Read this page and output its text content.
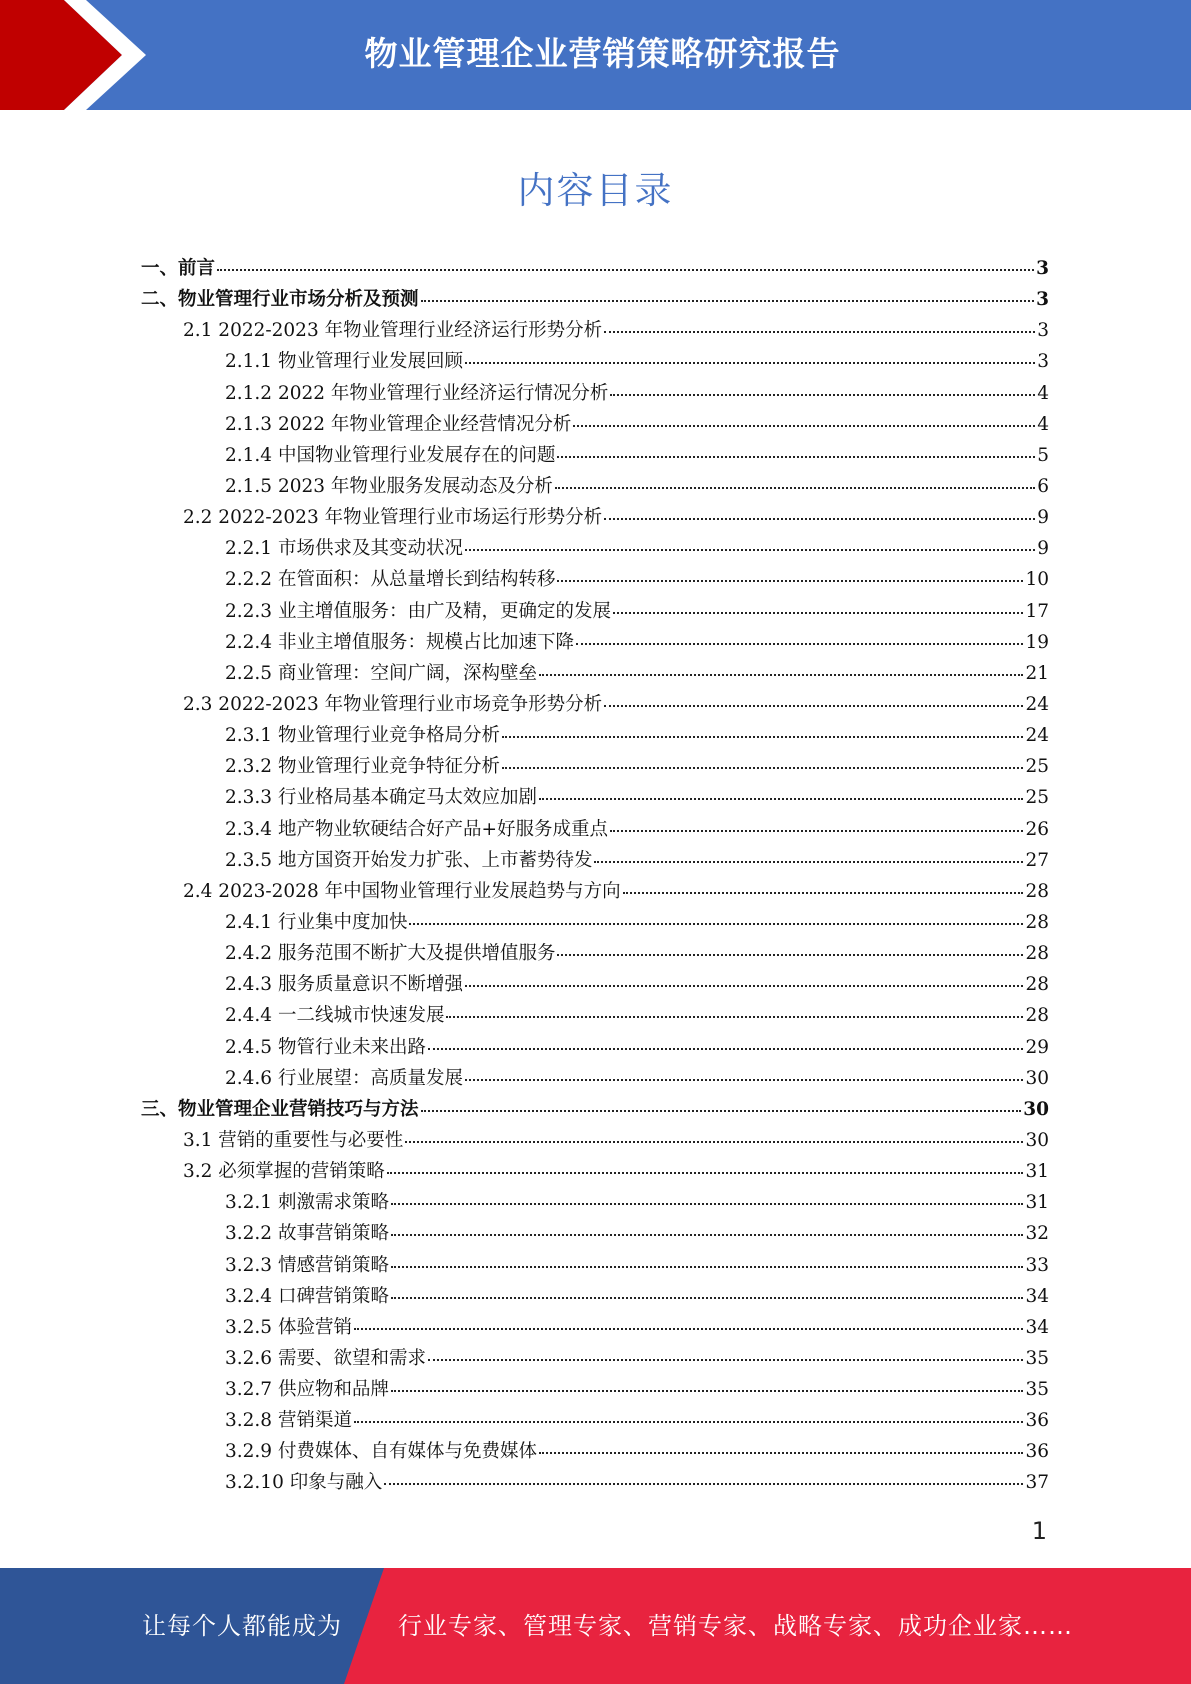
物业管理企业营销策略研究报告
内容目录
一、前言	3
二、物业管理行业市场分析及预测	3
2.1 2022-2023 年物业管理行业经济运行形势分析	3
2.1.1 物业管理行业发展回顾	3
2.1.2 2022 年物业管理行业经济运行情况分析	4
2.1.3 2022 年物业管理企业经营情况分析	4
2.1.4 中国物业管理行业发展存在的问题	5
2.1.5 2023 年物业服务发展动态及分析	6
2.2 2022-2023 年物业管理行业市场运行形势分析	9
2.2.1 市场供求及其变动状况	9
2.2.2 在管面积：从总量增长到结构转移	10
2.2.3 业主增值服务：由广及精，更确定的发展	17
2.2.4 非业主增值服务：规模占比加速下降	19
2.2.5 商业管理：空间广阔，深构壁垒	21
2.3 2022-2023 年物业管理行业市场竞争形势分析	24
2.3.1 物业管理行业竞争格局分析	24
2.3.2 物业管理行业竞争特征分析	25
2.3.3 行业格局基本确定马太效应加剧	25
2.3.4 地产物业软硬结合好产品+好服务成重点	26
2.3.5 地方国资开始发力扩张、上市蓄势待发	27
2.4 2023-2028 年中国物业管理行业发展趋势与方向	28
2.4.1 行业集中度加快	28
2.4.2 服务范围不断扩大及提供增值服务	28
2.4.3 服务质量意识不断增强	28
2.4.4 一二线城市快速发展	28
2.4.5 物管行业未来出路	29
2.4.6 行业展望：高质量发展	30
三、物业管理企业营销技巧与方法	30
3.1 营销的重要性与必要性	30
3.2 必须掌握的营销策略	31
3.2.1 刺激需求策略	31
3.2.2 故事营销策略	32
3.2.3 情感营销策略	33
3.2.4 口碑营销策略	34
3.2.5 体验营销	34
3.2.6 需要、欲望和需求	35
3.2.7 供应物和品牌	35
3.2.8 营销渠道	36
3.2.9 付费媒体、自有媒体与免费媒体	36
3.2.10 印象与融入	37
1
让每个人都能成为 行业专家、管理专家、营销专家、战略专家、成功企业家……
